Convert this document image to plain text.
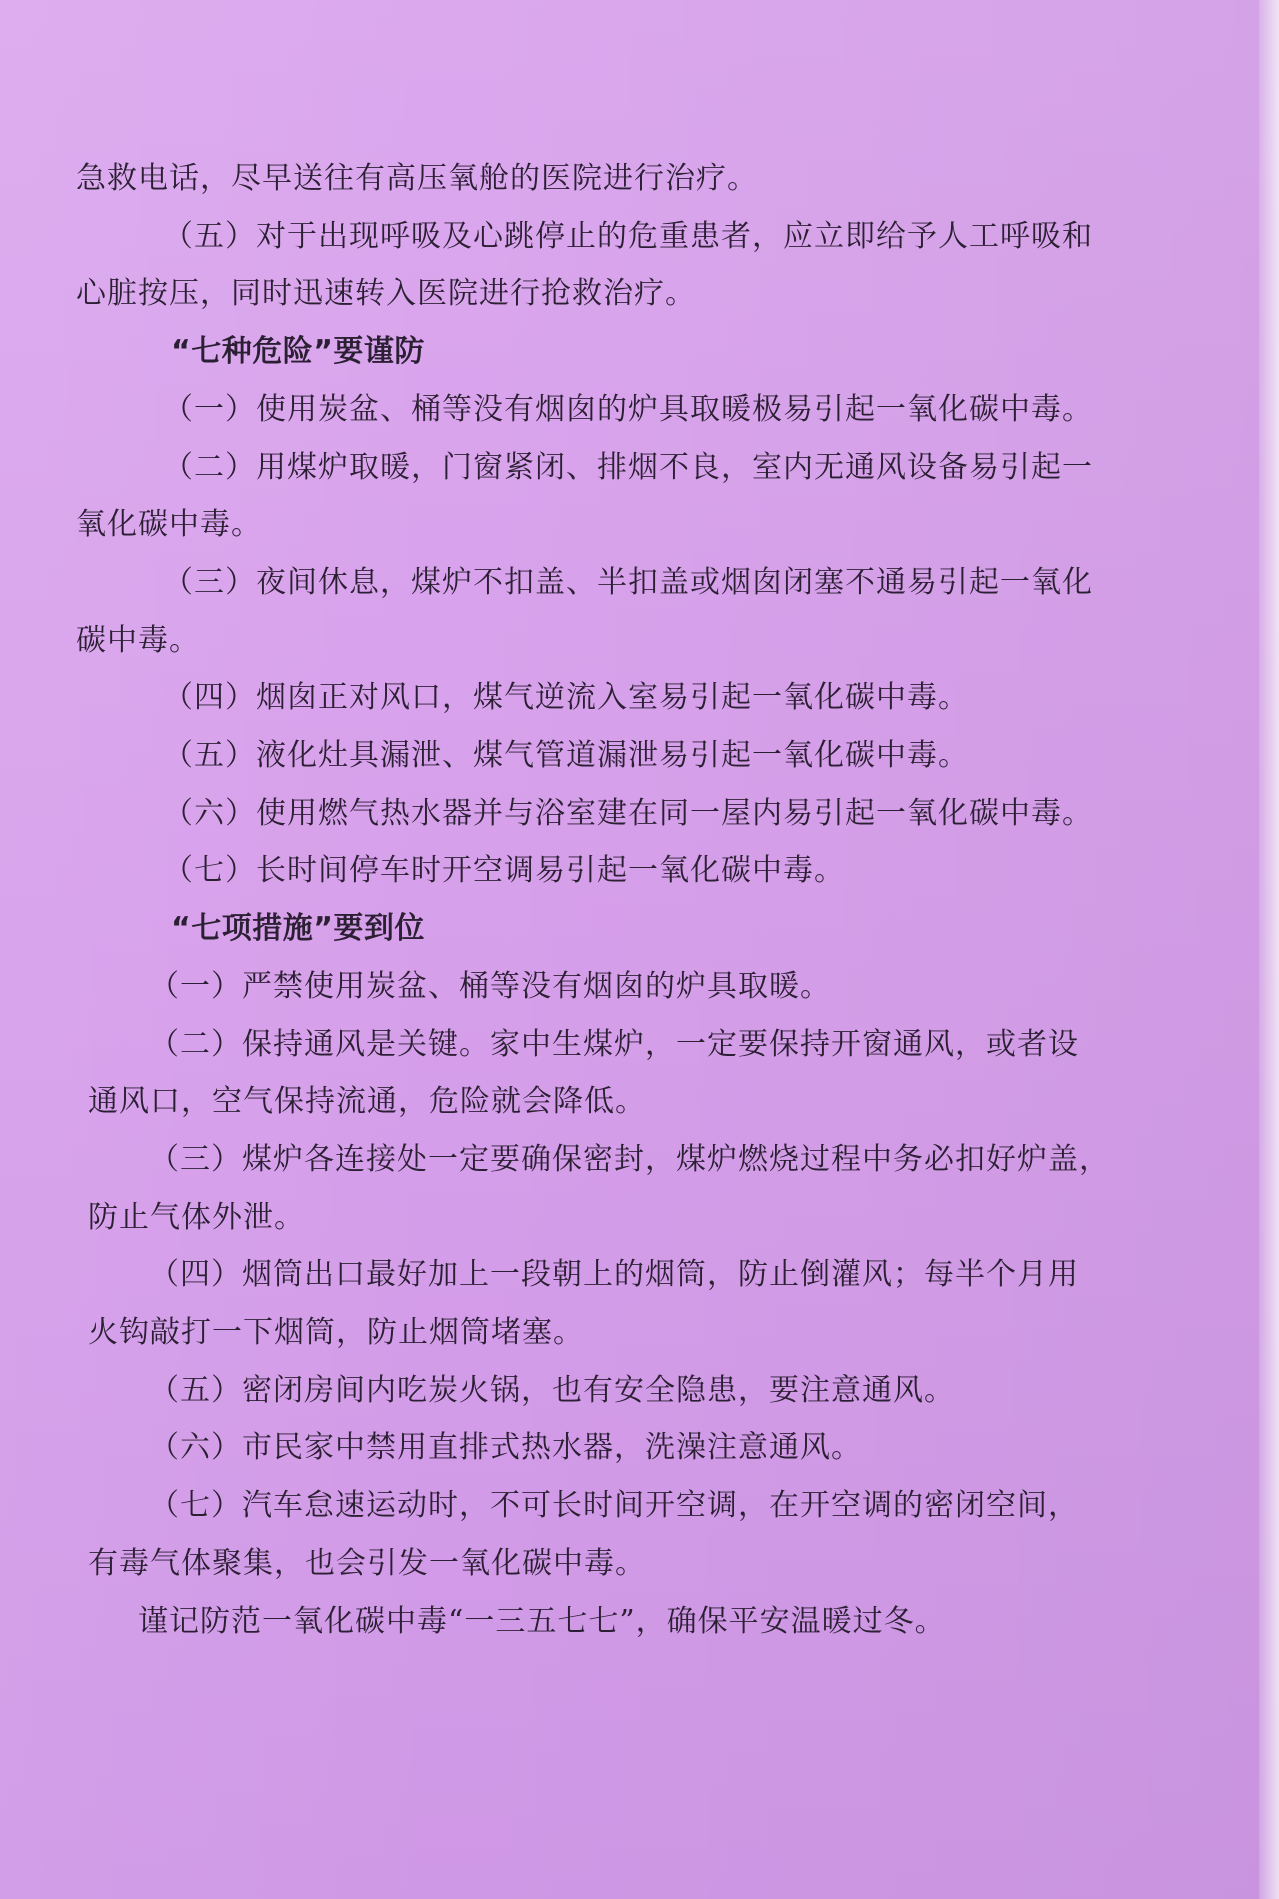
急救电话，尽早送往有高压氧舱的医院进行治疗。

（五）对于出现呼吸及心跳停止的危重患者，应立即给予人工呼吸和

心脏按压，同时迅速转入医院进行抢救治疗。

“七种危险”要谨防

（一）使用炭盆、桶等没有烟囱的炉具取暖极易引起一氧化碳中毒。

（二）用煤炉取暖，门窗紧闭、排烟不良，室内无通风设备易引起一

氧化碳中毒。

（三）夜间休息，煤炉不扣盖、半扣盖或烟囱闭塞不通易引起一氧化

碳中毒。

（四）烟囱正对风口，煤气逆流入室易引起一氧化碳中毒。

（五）液化灶具漏泄、煤气管道漏泄易引起一氧化碳中毒。

（六）使用燃气热水器并与浴室建在同一屋内易引起一氧化碳中毒。

（七）长时间停车时开空调易引起一氧化碳中毒。

“七项措施”要到位

（一）严禁使用炭盆、桶等没有烟囱的炉具取暖。

（二）保持通风是关键。家中生煤炉，一定要保持开窗通风，或者设

通风口，空气保持流通，危险就会降低。

（三）煤炉各连接处一定要确保密封，煤炉燃烧过程中务必扣好炉盖，

防止气体外泄。

（四）烟筒出口最好加上一段朝上的烟筒，防止倒灌风；每半个月用

火钩敲打一下烟筒，防止烟筒堵塞。

（五）密闭房间内吃炭火锅，也有安全隐患，要注意通风。

（六）市民家中禁用直排式热水器，洗澡注意通风。

（七）汽车怠速运动时，不可长时间开空调，在开空调的密闭空间，

有毒气体聚集，也会引发一氧化碳中毒。

谨记防范一氧化碳中毒“一三五七七”，确保平安温暖过冬。
